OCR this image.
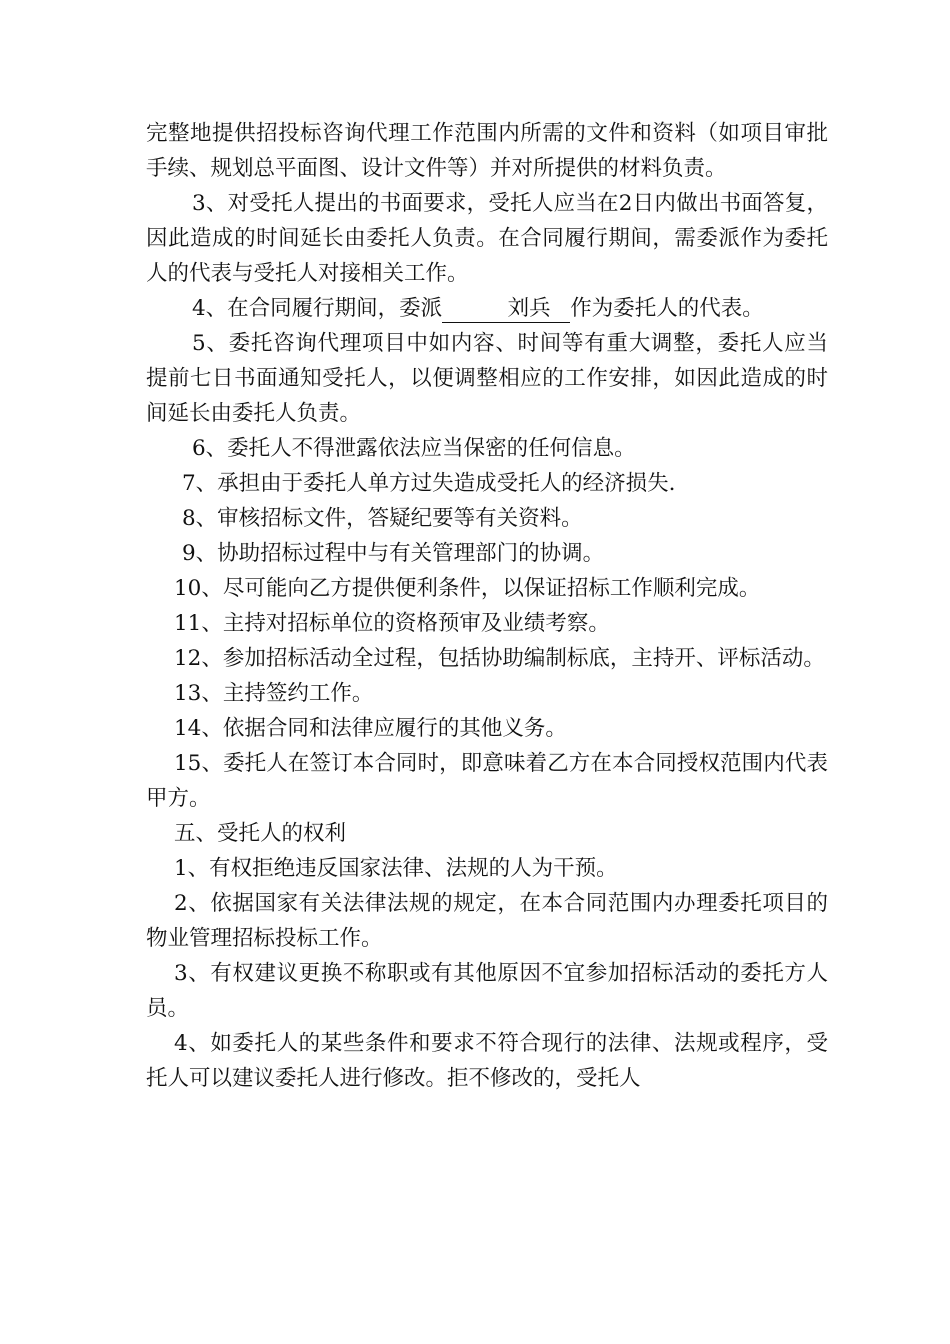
完整地提供招投标咨询代理工作范围内所需的文件和资料（如项目审批手续、规划总平面图、设计文件等）并对所提供的材料负责。

3、对受托人提出的书面要求，受托人应当在2日内做出书面答复，因此造成的时间延长由委托人负责。在合同履行期间，需委派作为委托人的代表与受托人对接相关工作。

4、在合同履行期间，委派	刘兵 作为委托人的代表。

5、委托咨询代理项目中如内容、时间等有重大调整，委托人应当提前七日书面通知受托人，以便调整相应的工作安排，如因此造成的时间延长由委托人负责。

6、委托人不得泄露依法应当保密的任何信息。

7、承担由于委托人单方过失造成受托人的经济损失.

8、审核招标文件，答疑纪要等有关资料。

9、协助招标过程中与有关管理部门的协调。

10、尽可能向乙方提供便利条件，以保证招标工作顺利完成。

11、主持对招标单位的资格预审及业绩考察。

12、参加招标活动全过程，包括协助编制标底，主持开、评标活动。

13、主持签约工作。

14、依据合同和法律应履行的其他义务。

15、委托人在签订本合同时，即意味着乙方在本合同授权范围内代表甲方。

五、受托人的权利

1、有权拒绝违反国家法律、法规的人为干预。

2、依据国家有关法律法规的规定，在本合同范围内办理委托项目的物业管理招标投标工作。

3、有权建议更换不称职或有其他原因不宜参加招标活动的委托方人员。

4、如委托人的某些条件和要求不符合现行的法律、法规或程序，受托人可以建议委托人进行修改。拒不修改的，受托人
